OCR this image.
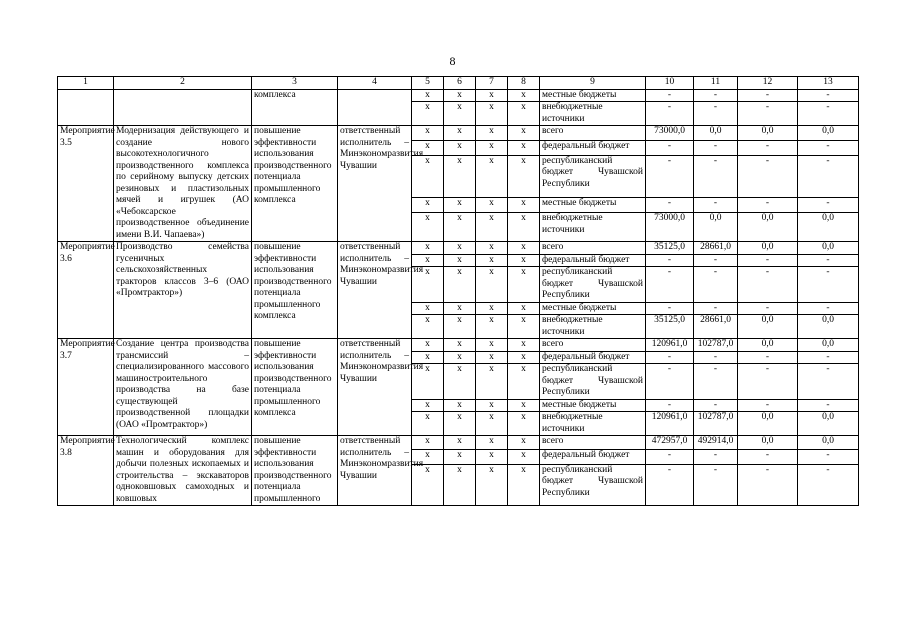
8
1	2	3	4	5	6	7	8	9	10	11	12	13
		комплекса		x	x	x	x	местные бюджеты	-	-	-	-
				x	x	x	x	внебюджетные источники	-	-	-	-
Мероприятие 3.5	Модернизация действующего и создание нового высокотехнологичного производственного комплекса по серийному выпуску детских резиновых и пластизольных мячей и игрушек (АО «Чебоксарское производственное объединение имени В.И. Чапаева»)	повышение эффективности использования производственного потенциала промышленного комплекса	ответственный исполнитель – Минэкономразвития Чувашии	x	x	x	x	всего	73000,0	0,0	0,0	0,0
				x	x	x	x	федеральный бюджет	-	-	-	-
				x	x	x	x	республиканский бюджет Чувашской Республики	-	-	-	-
				x	x	x	x	местные бюджеты	-	-	-	-
				x	x	x	x	внебюджетные источники	73000,0	0,0	0,0	0,0
Мероприятие 3.6	Производство семейства гусеничных сельскохозяйственных тракторов классов 3–6 (ОАО «Промтрактор»)	повышение эффективности использования производственного потенциала промышленного комплекса	ответственный исполнитель – Минэкономразвития Чувашии	x	x	x	x	всего	35125,0	28661,0	0,0	0,0
				x	x	x	x	федеральный бюджет	-	-	-	-
				x	x	x	x	республиканский бюджет Чувашской Республики	-	-	-	-
				x	x	x	x	местные бюджеты	-	-	-	-
				x	x	x	x	внебюджетные источники	35125,0	28661,0	0,0	0,0
Мероприятие 3.7	Создание центра производства трансмиссий – специализированного массового машиностроительного производства на базе существующей производственной площадки (ОАО «Промтрактор»)	повышение эффективности использования производственного потенциала промышленного комплекса	ответственный исполнитель – Минэкономразвития Чувашии	x	x	x	x	всего	120961,0	102787,0	0,0	0,0
				x	x	x	x	федеральный бюджет	-	-	-	-
				x	x	x	x	республиканский бюджет Чувашской Республики	-	-	-	-
				x	x	x	x	местные бюджеты	-	-	-	-
				x	x	x	x	внебюджетные источники	120961,0	102787,0	0,0	0,0
Мероприятие 3.8	Технологический комплекс машин и оборудования для добычи полезных ископаемых и строительства – экскаваторов одноковшовых самоходных и ковшовых	повышение эффективности использования производственного потенциала промышленного	ответственный исполнитель – Минэкономразвития Чувашии	x	x	x	x	всего	472957,0	492914,0	0,0	0,0
				x	x	x	x	федеральный бюджет	-	-	-	-
				x	x	x	x	республиканский бюджет Чувашской Республики	-	-	-	-
